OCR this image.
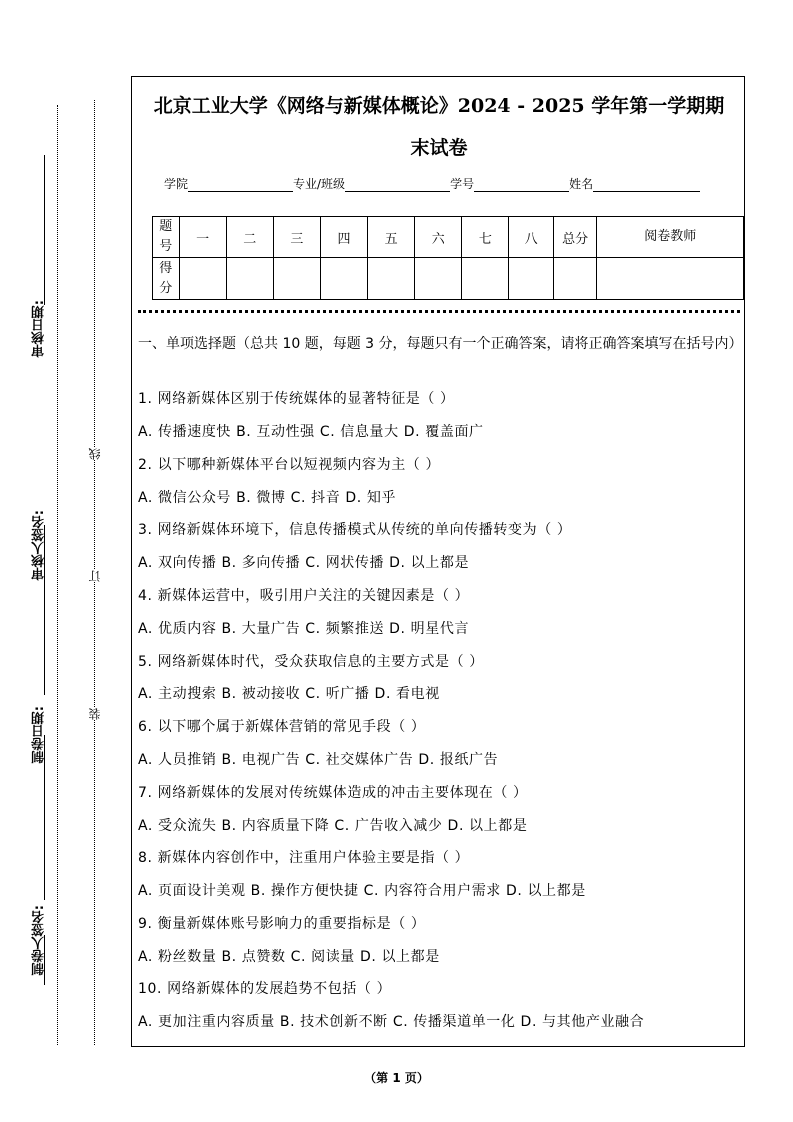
审核日期:
审核人签名:
制卷日期:
制卷人签名:
线
订
装
北京工业大学《网络与新媒体概论》2024 - 2025 学年第一学期期
末试卷
学院	专业/班级	学号	姓名
题号	一	二	三	四	五	六	七	八	总分	阅卷教师
得分										
一、单项选择题（总共 10 题，每题 3 分，每题只有一个正确答案，请将正确答案填写在括号内）
1. 网络新媒体区别于传统媒体的显著特征是（ ）
A. 传播速度快 B. 互动性强 C. 信息量大 D. 覆盖面广
2. 以下哪种新媒体平台以短视频内容为主（ ）
A. 微信公众号 B. 微博 C. 抖音 D. 知乎
3. 网络新媒体环境下，信息传播模式从传统的单向传播转变为（ ）
A. 双向传播 B. 多向传播 C. 网状传播 D. 以上都是
4. 新媒体运营中，吸引用户关注的关键因素是（ ）
A. 优质内容 B. 大量广告 C. 频繁推送 D. 明星代言
5. 网络新媒体时代，受众获取信息的主要方式是（ ）
A. 主动搜索 B. 被动接收 C. 听广播 D. 看电视
6. 以下哪个属于新媒体营销的常见手段（ ）
A. 人员推销 B. 电视广告 C. 社交媒体广告 D. 报纸广告
7. 网络新媒体的发展对传统媒体造成的冲击主要体现在（ ）
A. 受众流失 B. 内容质量下降 C. 广告收入减少 D. 以上都是
8. 新媒体内容创作中，注重用户体验主要是指（ ）
A. 页面设计美观 B. 操作方便快捷 C. 内容符合用户需求 D. 以上都是
9. 衡量新媒体账号影响力的重要指标是（ ）
A. 粉丝数量 B. 点赞数 C. 阅读量 D. 以上都是
10. 网络新媒体的发展趋势不包括（ ）
A. 更加注重内容质量 B. 技术创新不断 C. 传播渠道单一化 D. 与其他产业融合
（第 1 页）
